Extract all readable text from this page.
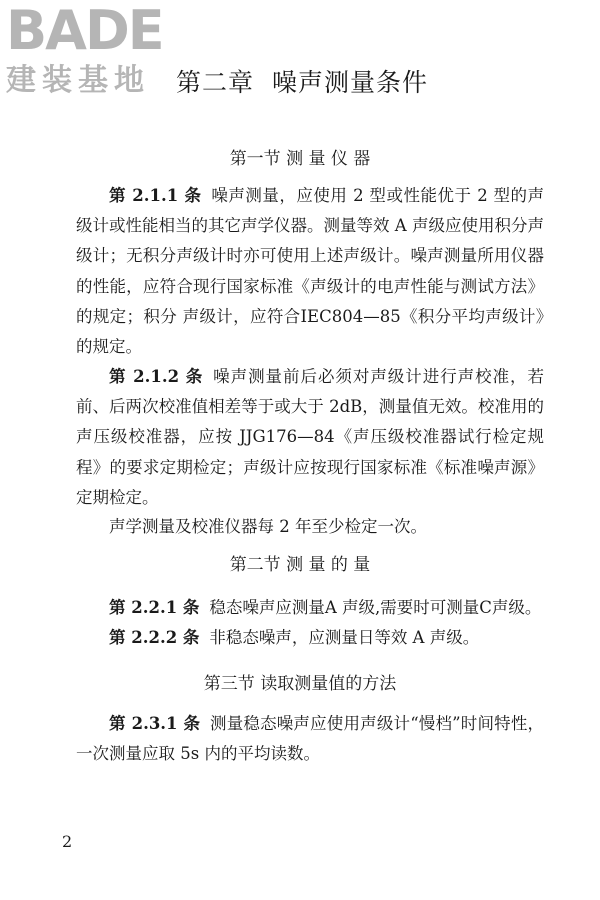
BADE
建装基地 第二章 噪声测量条件
第一节 测 量 仪 器
第 2.1.1 条 噪声测量，应使用 2 型或性能优于 2 型的声级计或性能相当的其它声学仪器。测量等效 A 声级应使用积分声级计；无积分声级计时亦可使用上述声级计。噪声测量所用仪器的性能，应符合现行国家标准《声级计的电声性能与测试方法》的规定；积分 声级计，应符合IEC804—85《积分平均声级计》的规定。
第 2.1.2 条 噪声测量前后必须对声级计进行声校准，若前、后两次校准值相差等于或大于 2dB，测量值无效。校准用的声压级校准器，应按 JJG176—84《声压级校准器试行检定规程》的要求定期检定；声级计应按现行国家标准《标准噪声源》定期检定。
声学测量及校准仪器每 2 年至少检定一次。
第二节 测 量 的 量
第 2.2.1 条 稳态噪声应测量A 声级,需要时可测量C声级。
第 2.2.2 条 非稳态噪声，应测量日等效 A 声级。
第三节 读取测量值的方法
第 2.3.1 条 测量稳态噪声应使用声级计“慢档”时间特性，一次测量应取 5s 内的平均读数。
2
